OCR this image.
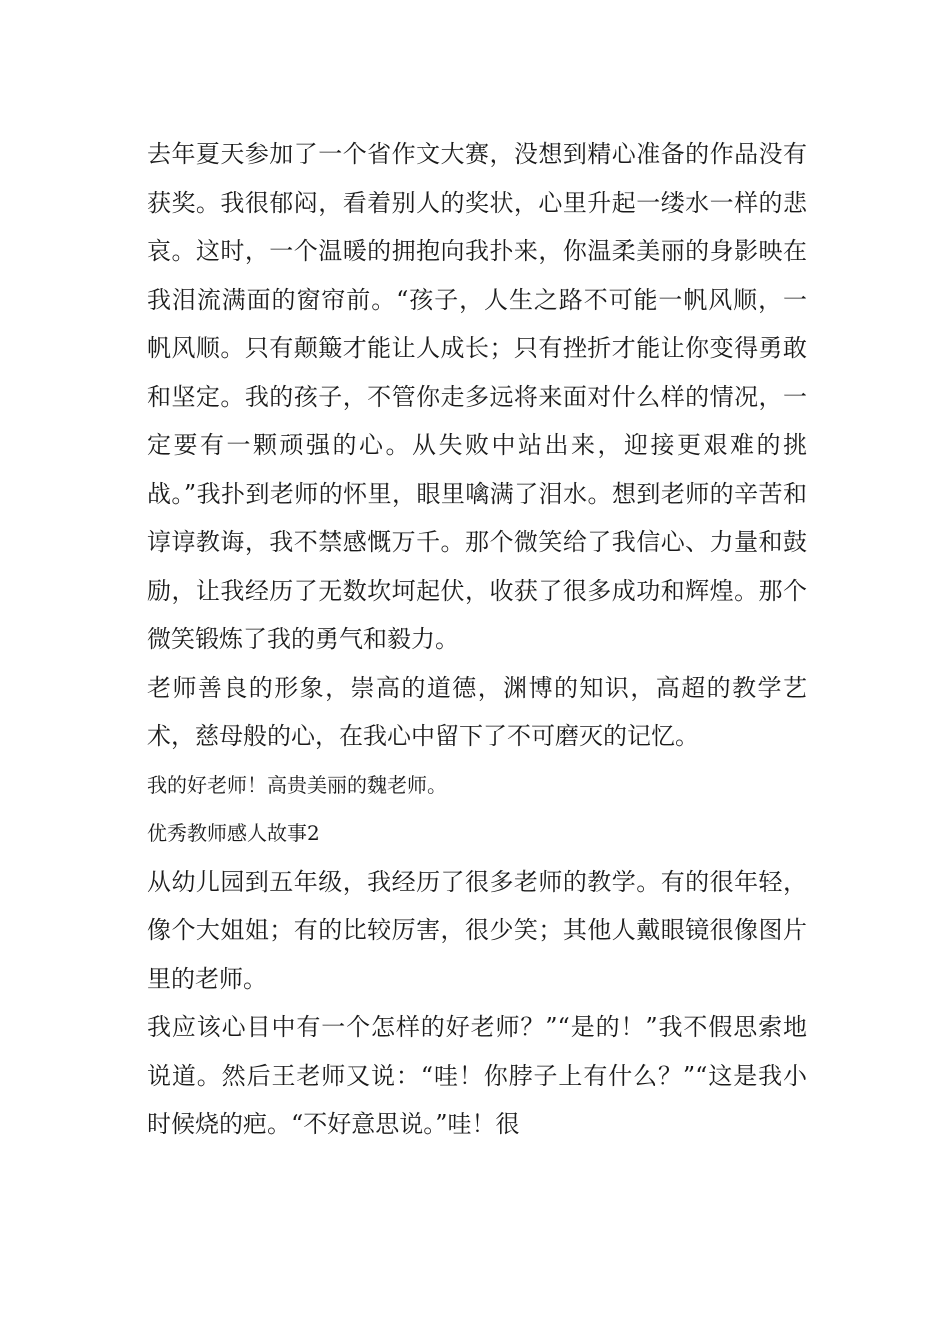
去年夏天参加了一个省作文大赛，没想到精心准备的作品没有获奖。我很郁闷，看着别人的奖状，心里升起一缕水一样的悲哀。这时，一个温暖的拥抱向我扑来，你温柔美丽的身影映在我泪流满面的窗帘前。“孩子，人生之路不可能一帆风顺，一帆风顺。只有颠簸才能让人成长；只有挫折才能让你变得勇敢和坚定。我的孩子，不管你走多远将来面对什么样的情况，一定要有一颗顽强的心。从失败中站出来，迎接更艰难的挑战。”我扑到老师的怀里，眼里噙满了泪水。想到老师的辛苦和谆谆教诲，我不禁感慨万千。那个微笑给了我信心、力量和鼓励，让我经历了无数坎坷起伏，收获了很多成功和辉煌。那个微笑锻炼了我的勇气和毅力。

老师善良的形象，崇高的道德，渊博的知识，高超的教学艺术，慈母般的心，在我心中留下了不可磨灭的记忆。

我的好老师！高贵美丽的魏老师。

优秀教师感人故事2

从幼儿园到五年级，我经历了很多老师的教学。有的很年轻，像个大姐姐；有的比较厉害，很少笑；其他人戴眼镜很像图片里的老师。

我应该心目中有一个怎样的好老师？”“是的！”我不假思索地说道。然后王老师又说：“哇！你脖子上有什么？”“这是我小时候烧的疤。“不好意思说。”哇！很
